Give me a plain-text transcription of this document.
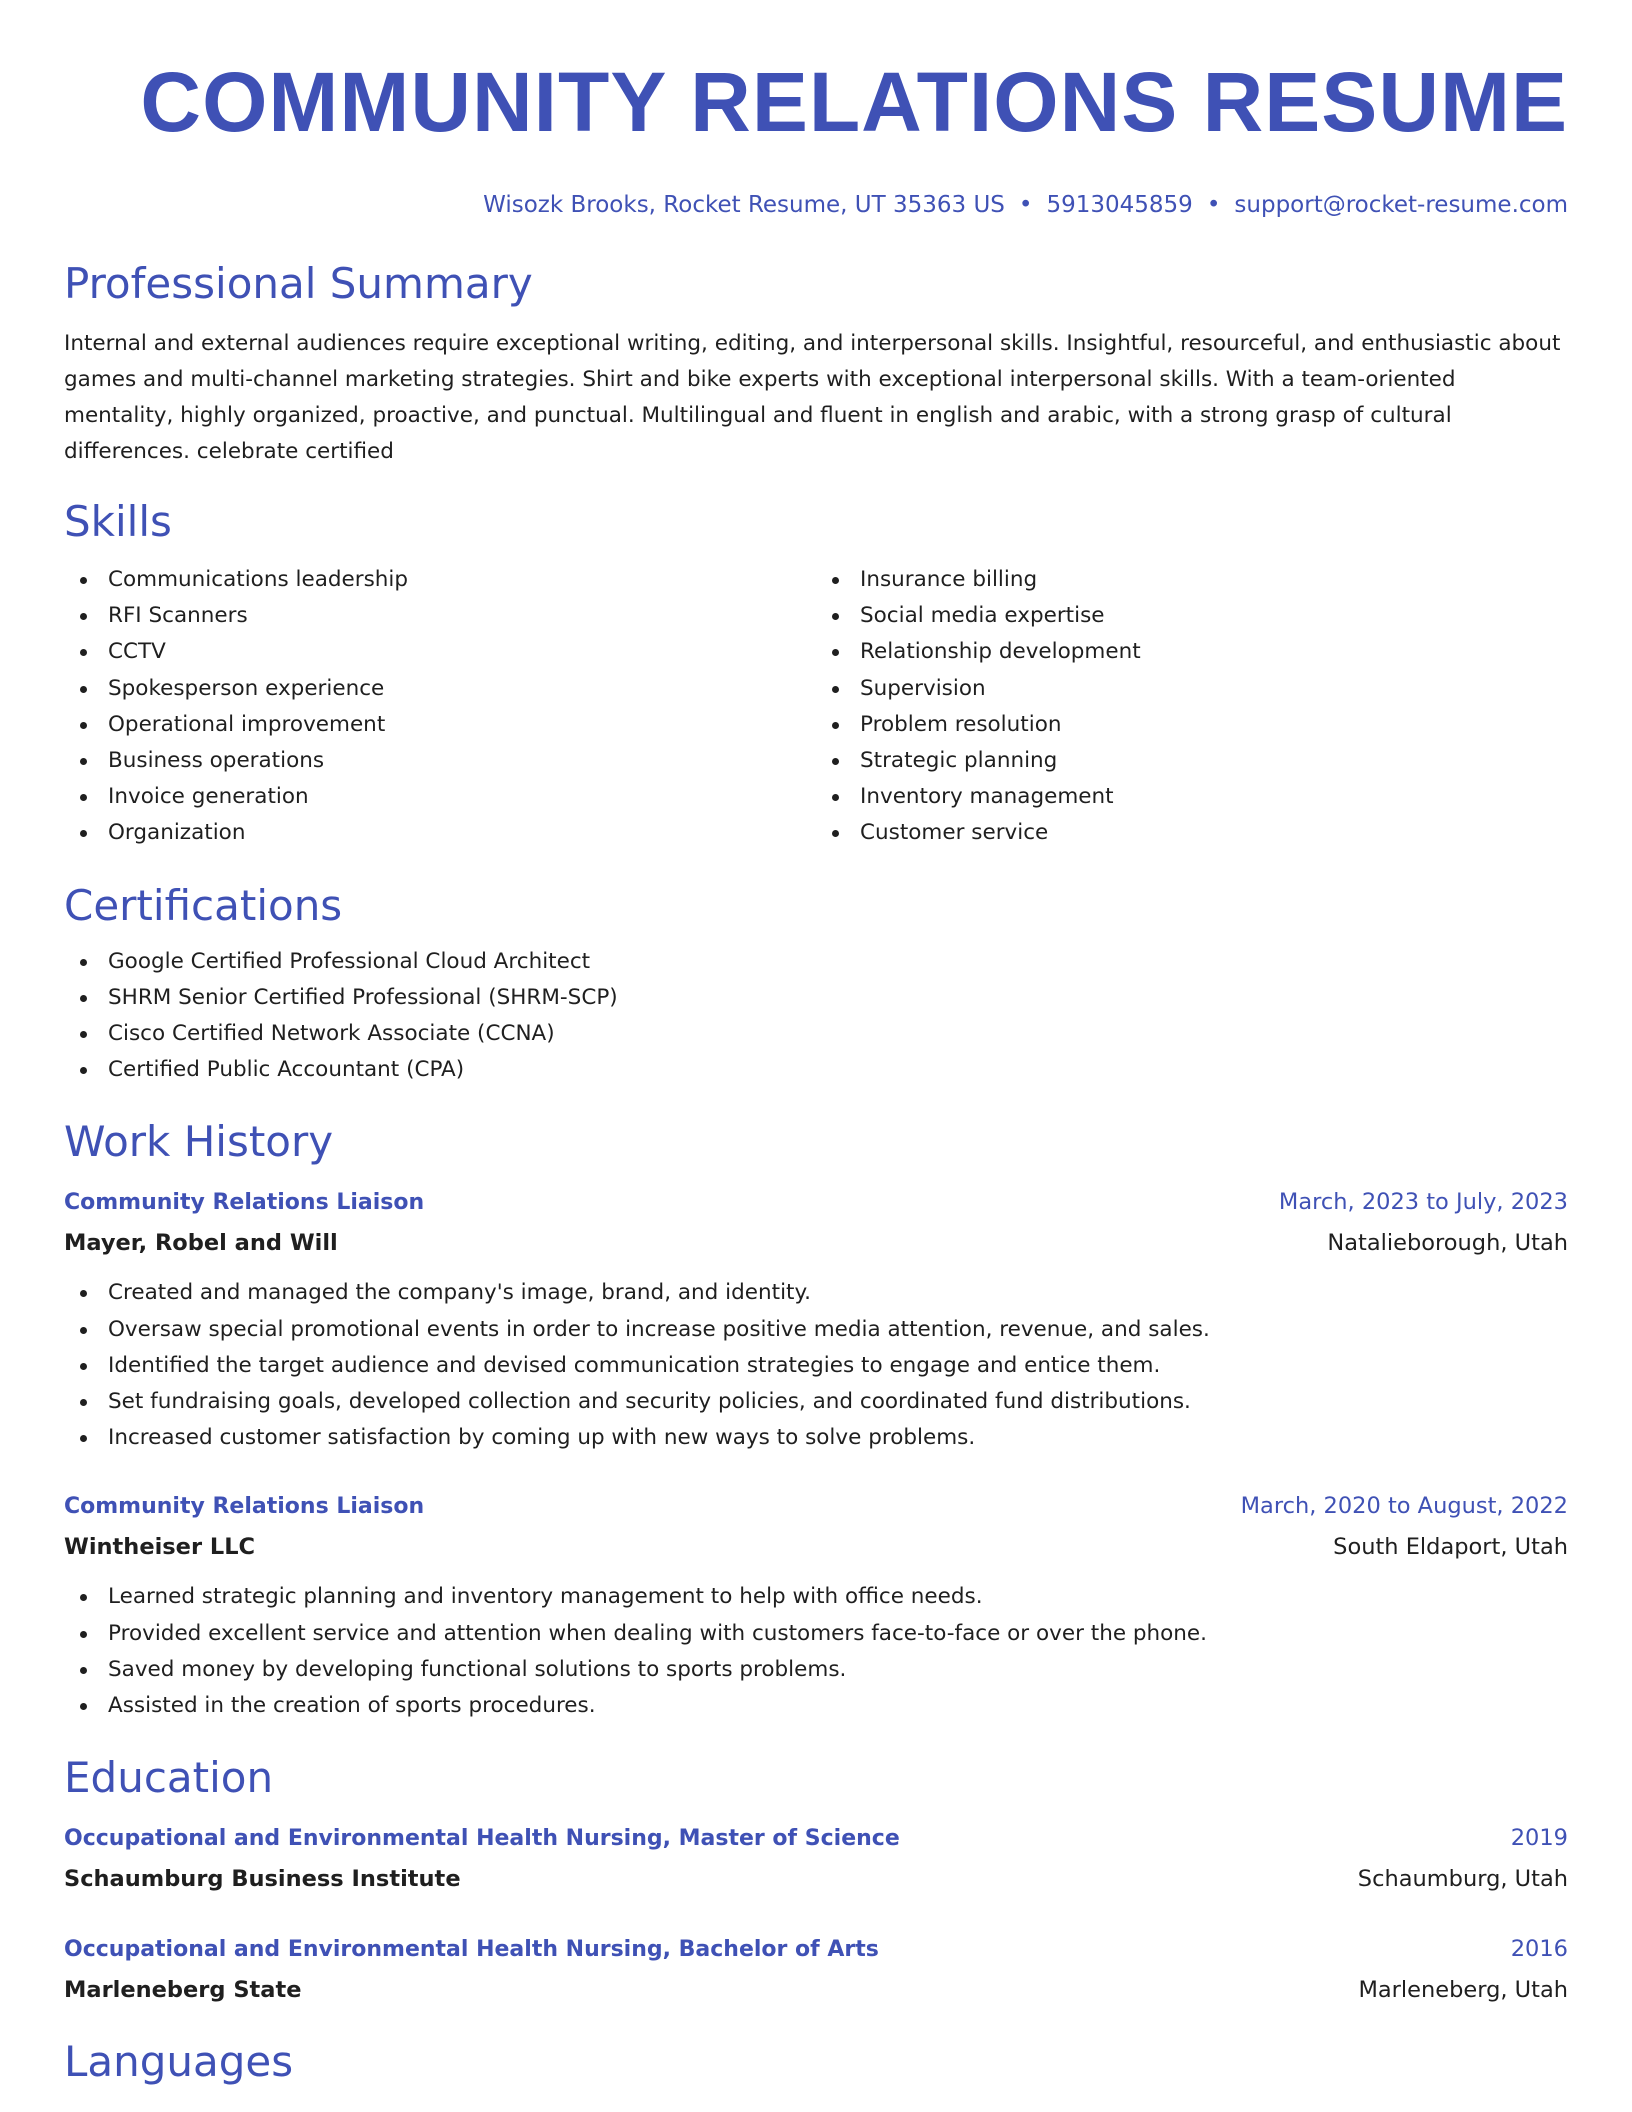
COMMUNITY RELATIONS RESUME
Wisozk Brooks, Rocket Resume, UT 35363 US • 5913045859 • support@rocket-resume.com
Professional Summary

Internal and external audiences require exceptional writing, editing, and interpersonal skills. Insightful, resourceful, and enthusiastic about games and multi-channel marketing strategies. Shirt and bike experts with exceptional interpersonal skills. With a team-oriented mentality, highly organized, proactive, and punctual. Multilingual and fluent in english and arabic, with a strong grasp of cultural differences. celebrate certified

Skills
Communications leadership
RFI Scanners
CCTV
Spokesperson experience
Operational improvement
Business operations
Invoice generation
Organization
Insurance billing
Social media expertise
Relationship development
Supervision
Problem resolution
Strategic planning
Inventory management
Customer service
Certifications
Google Certified Professional Cloud Architect
SHRM Senior Certified Professional (SHRM-SCP)
Cisco Certified Network Associate (CCNA)
Certified Public Accountant (CPA)
Work History
Community Relations Liaison	March, 2023 to July, 2023
Mayer, Robel and Will	Natalieborough, Utah
Created and managed the company's image, brand, and identity.
Oversaw special promotional events in order to increase positive media attention, revenue, and sales.
Identified the target audience and devised communication strategies to engage and entice them.
Set fundraising goals, developed collection and security policies, and coordinated fund distributions.
Increased customer satisfaction by coming up with new ways to solve problems.
Community Relations Liaison	March, 2020 to August, 2022
Wintheiser LLC	South Eldaport, Utah
Learned strategic planning and inventory management to help with office needs.
Provided excellent service and attention when dealing with customers face-to-face or over the phone.
Saved money by developing functional solutions to sports problems.
Assisted in the creation of sports procedures.
Education
Occupational and Environmental Health Nursing, Master of Science	2019
Schaumburg Business Institute	Schaumburg, Utah
Occupational and Environmental Health Nursing, Bachelor of Arts	2016
Marleneberg State	Marleneberg, Utah
Languages
